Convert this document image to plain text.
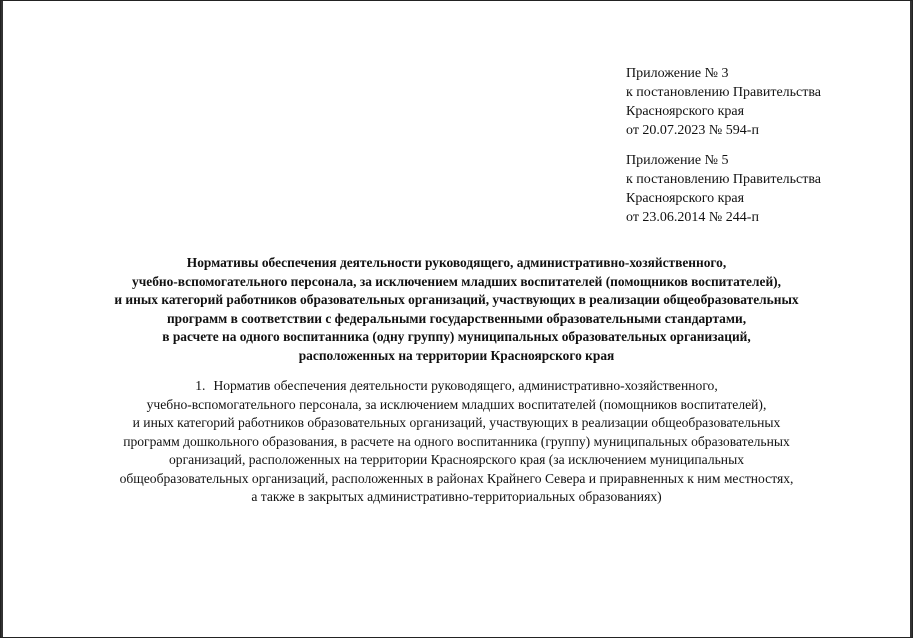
Приложение № 3
к постановлению Правительства
Красноярского края
от 20.07.2023 № 594-п
Приложение № 5
к постановлению Правительства
Красноярского края
от 23.06.2014 № 244-п
Нормативы обеспечения деятельности руководящего, административно-хозяйственного,
учебно-вспомогательного персонала, за исключением младших воспитателей (помощников воспитателей),
и иных категорий работников образовательных организаций, участвующих в реализации общеобразовательных
программ в соответствии с федеральными государственными образовательными стандартами,
в расчете на одного воспитанника (одну группу) муниципальных образовательных организаций,
расположенных на территории Красноярского края
1. Норматив обеспечения деятельности руководящего, административно-хозяйственного,
учебно-вспомогательного персонала, за исключением младших воспитателей (помощников воспитателей),
и иных категорий работников образовательных организаций, участвующих в реализации общеобразовательных
программ дошкольного образования, в расчете на одного воспитанника (группу) муниципальных образовательных
организаций, расположенных на территории Красноярского края (за исключением муниципальных
общеобразовательных организаций, расположенных в районах Крайнего Севера и приравненных к ним местностях,
а также в закрытых административно-территориальных образованиях)
